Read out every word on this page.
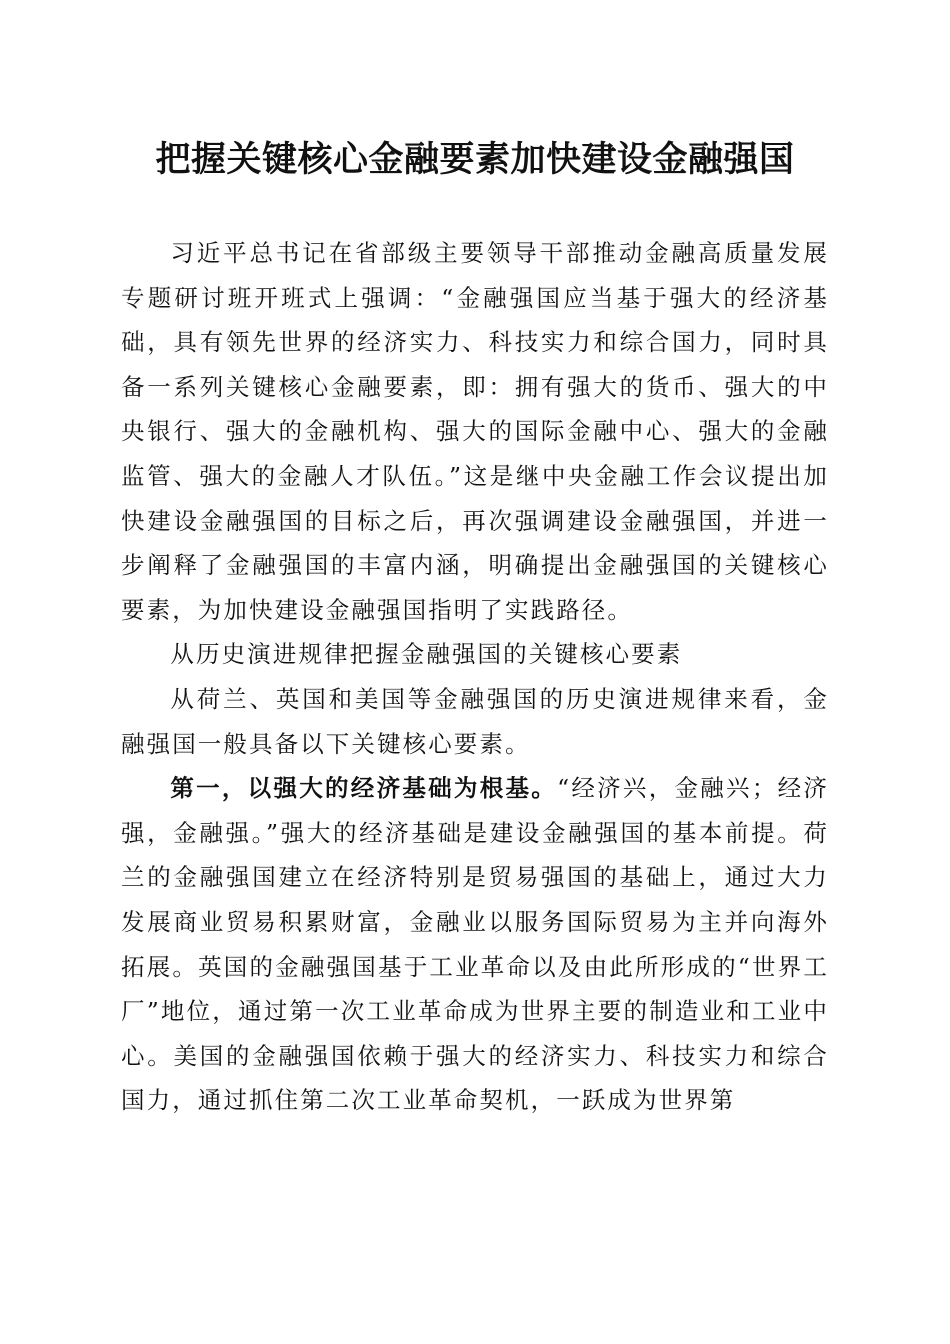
把握关键核心金融要素加快建设金融强国

习近平总书记在省部级主要领导干部推动金融高质量发展专题研讨班开班式上强调：“金融强国应当基于强大的经济基础，具有领先世界的经济实力、科技实力和综合国力，同时具备一系列关键核心金融要素，即：拥有强大的货币、强大的中央银行、强大的金融机构、强大的国际金融中心、强大的金融监管、强大的金融人才队伍。”这是继中央金融工作会议提出加快建设金融强国的目标之后，再次强调建设金融强国，并进一步阐释了金融强国的丰富内涵，明确提出金融强国的关键核心要素，为加快建设金融强国指明了实践路径。

从历史演进规律把握金融强国的关键核心要素

从荷兰、英国和美国等金融强国的历史演进规律来看，金融强国一般具备以下关键核心要素。

第一，以强大的经济基础为根基。“经济兴，金融兴；经济强，金融强。”强大的经济基础是建设金融强国的基本前提。荷兰的金融强国建立在经济特别是贸易强国的基础上，通过大力发展商业贸易积累财富，金融业以服务国际贸易为主并向海外拓展。英国的金融强国基于工业革命以及由此所形成的“世界工厂”地位，通过第一次工业革命成为世界主要的制造业和工业中心。美国的金融强国依赖于强大的经济实力、科技实力和综合国力，通过抓住第二次工业革命契机，一跃成为世界第
